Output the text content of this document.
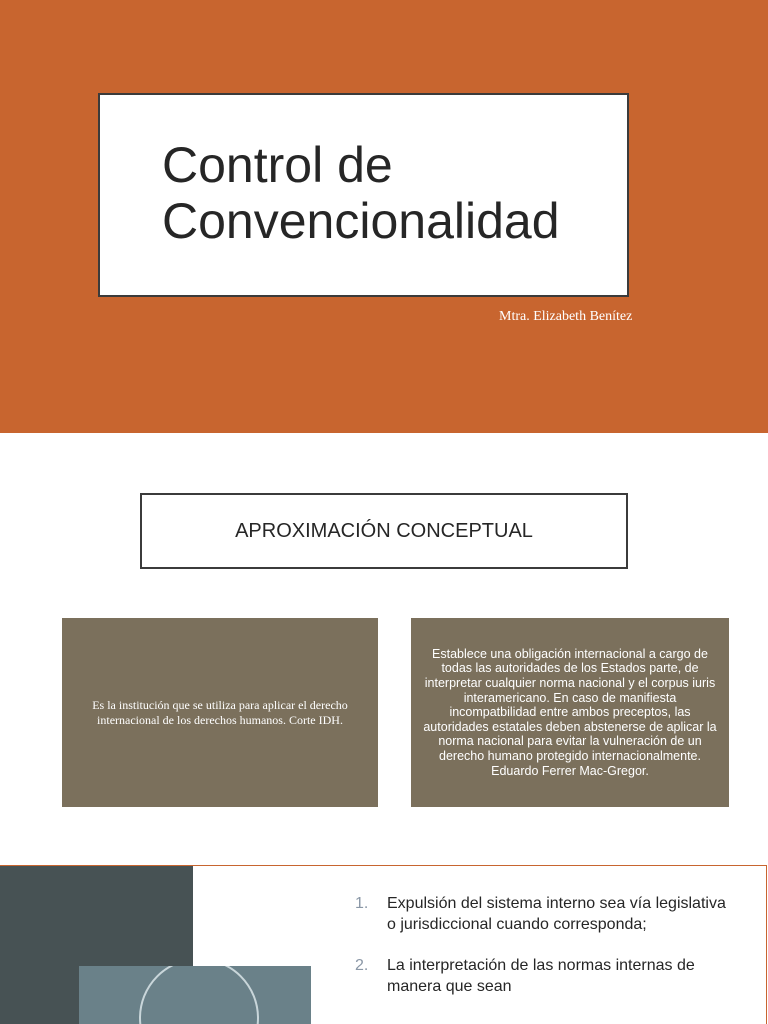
Control de
Convencionalidad
Mtra. Elizabeth Benítez
APROXIMACIÓN CONCEPTUAL

Es la institución que se utiliza para aplicar el derecho internacional de los derechos humanos. Corte IDH.

Establece una obligación internacional a cargo de todas las autoridades de los Estados parte, de interpretar cualquier norma nacional y el corpus iuris interamericano. En caso de manifiesta incompatbilidad entre ambos preceptos, las autoridades estatales deben abstenerse de aplicar la norma nacional para evitar la vulneración de un derecho humano protegido internacionalmente. Eduardo Ferrer Mac-Gregor.

1. Expulsión del sistema interno sea vía legislativa o jurisdiccional cuando corresponda;
2. La interpretación de las normas internas de manera que sean
